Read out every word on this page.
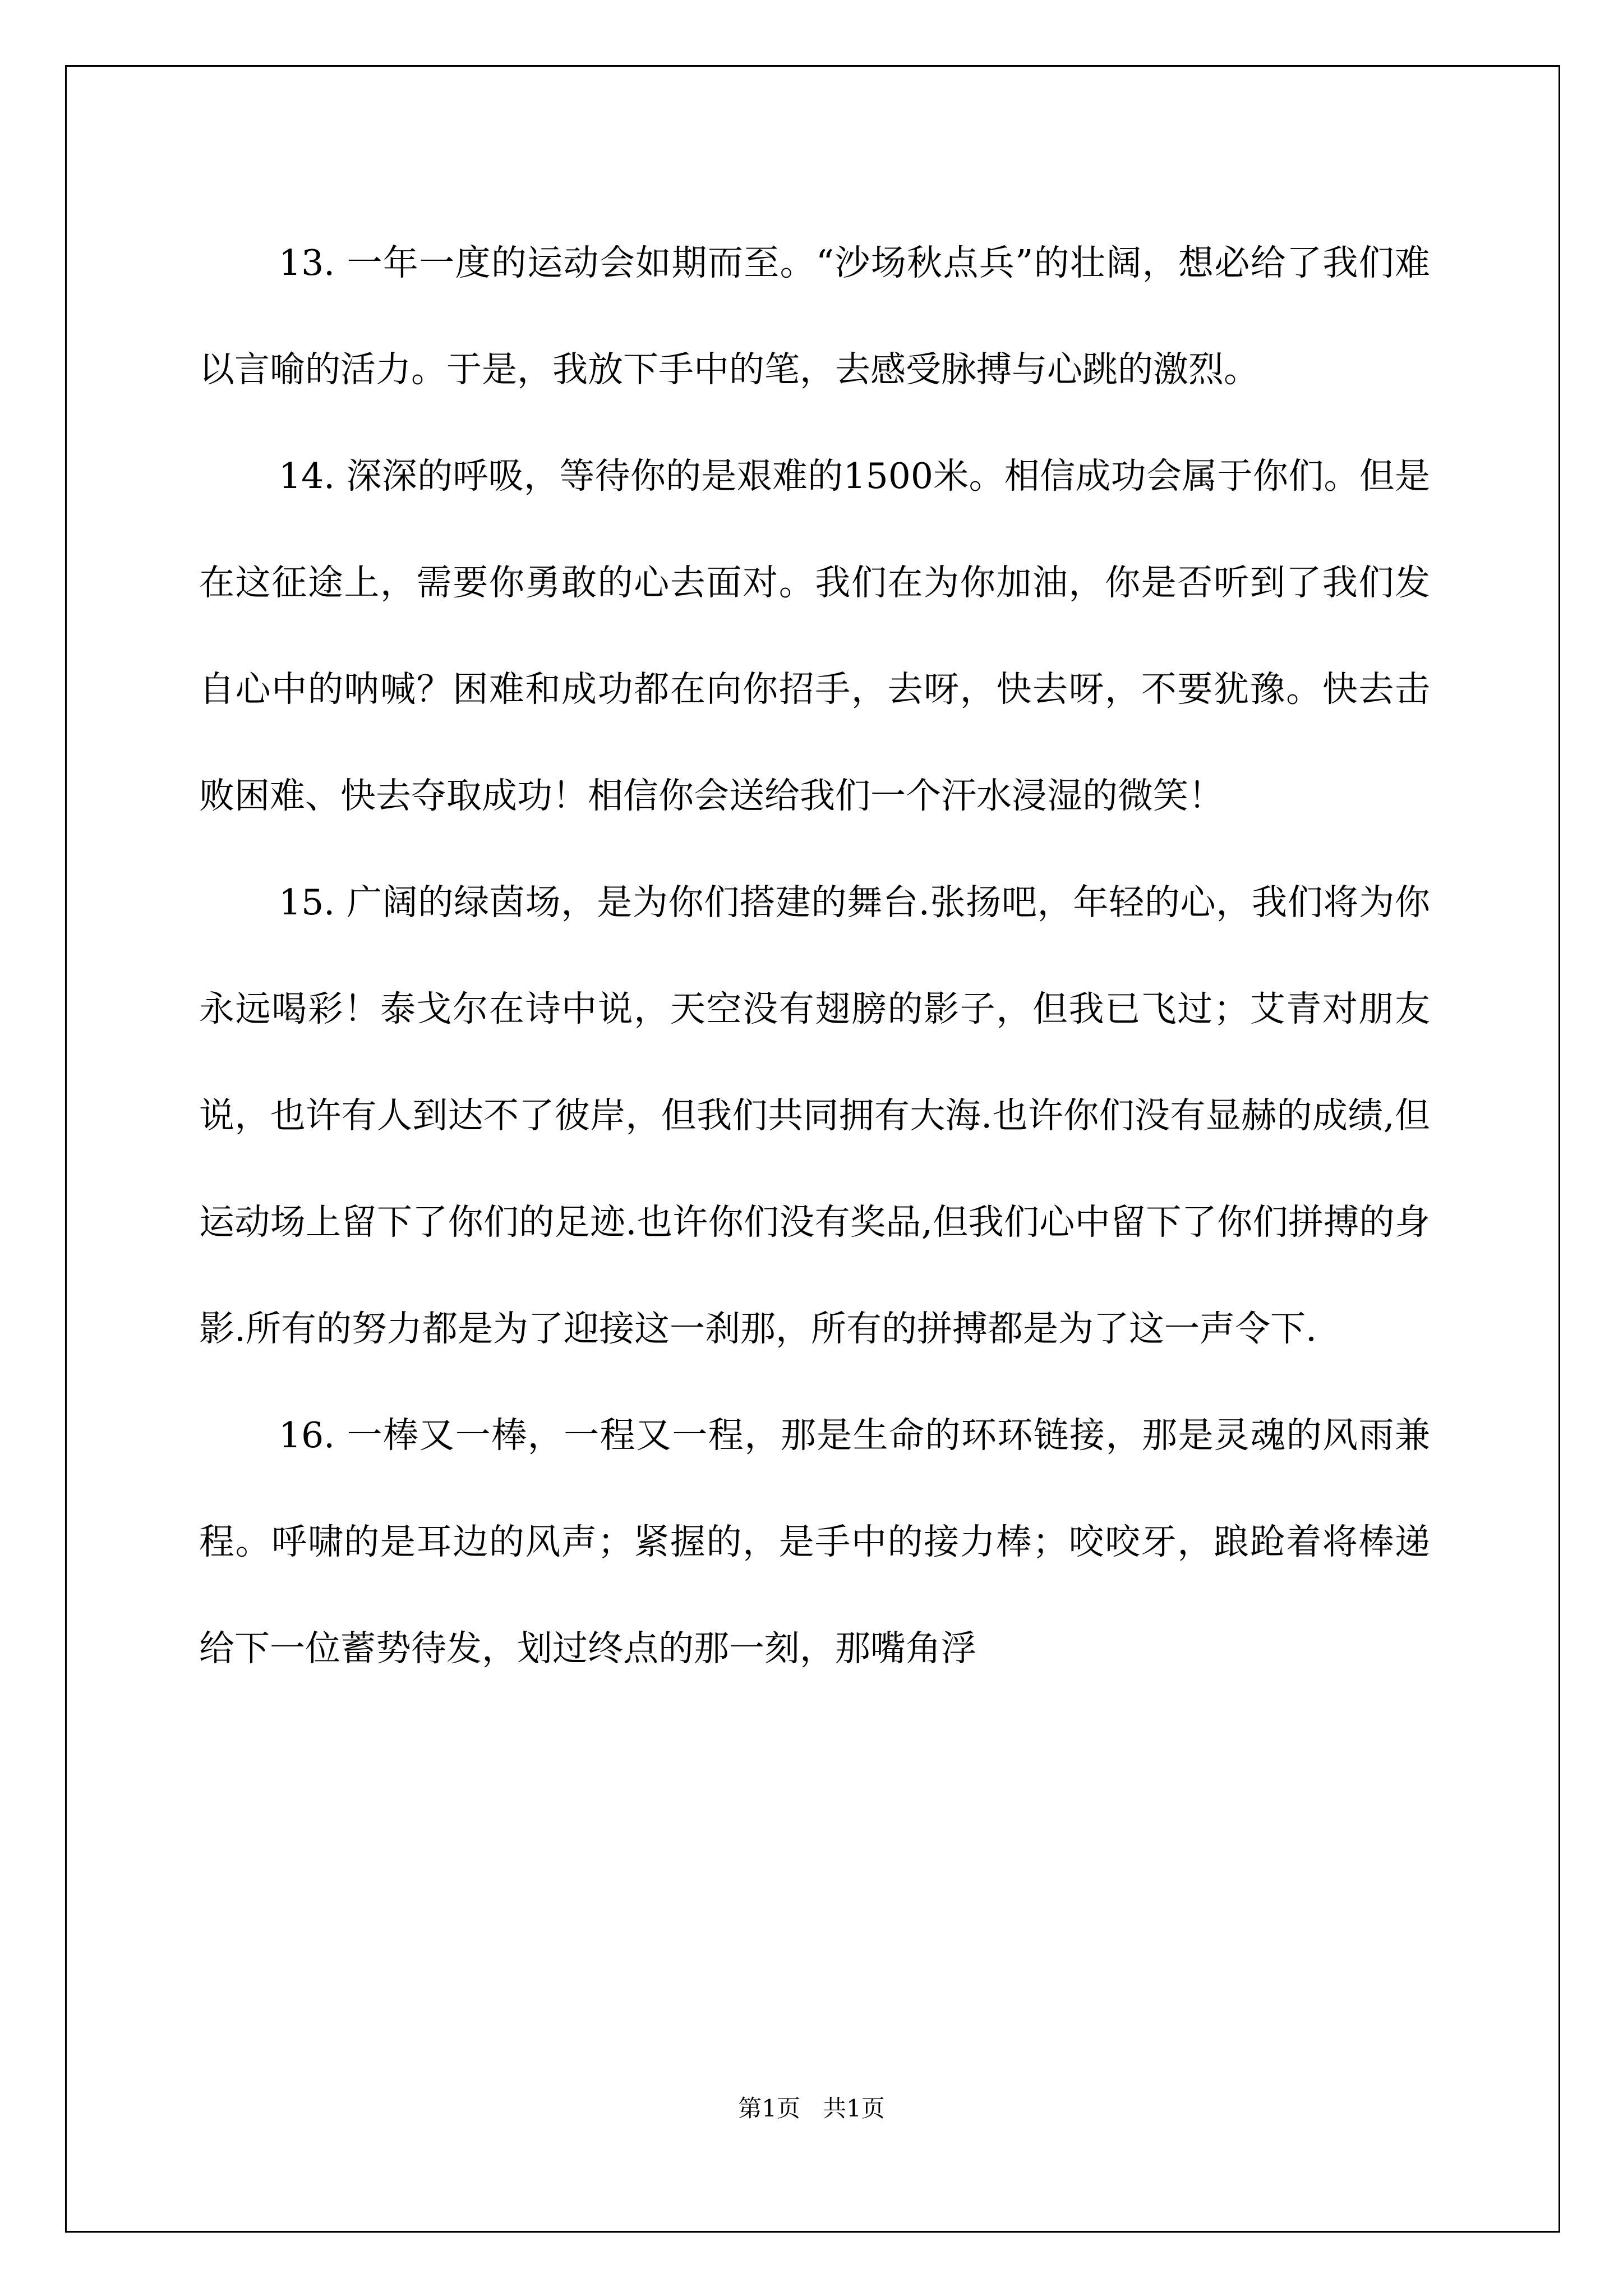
13. 一年一度的运动会如期而至。“沙场秋点兵”的壮阔，想必给了我们难以言喻的活力。于是，我放下手中的笔，去感受脉搏与心跳的激烈。

14. 深深的呼吸，等待你的是艰难的1500米。相信成功会属于你们。但是在这征途上，需要你勇敢的心去面对。我们在为你加油，你是否听到了我们发自心中的呐喊？困难和成功都在向你招手，去呀，快去呀，不要犹豫。快去击败困难、快去夺取成功！相信你会送给我们一个汗水浸湿的微笑！

15. 广阔的绿茵场，是为你们搭建的舞台.张扬吧，年轻的心，我们将为你永远喝彩！泰戈尔在诗中说，天空没有翅膀的影子，但我已飞过；艾青对朋友说，也许有人到达不了彼岸，但我们共同拥有大海.也许你们没有显赫的成绩,但运动场上留下了你们的足迹.也许你们没有奖品,但我们心中留下了你们拼搏的身影.所有的努力都是为了迎接这一刹那，所有的拼搏都是为了这一声令下.

16. 一棒又一棒，一程又一程，那是生命的环环链接，那是灵魂的风雨兼程。呼啸的是耳边的风声；紧握的，是手中的接力棒；咬咬牙，踉跄着将棒递给下一位蓄势待发，划过终点的那一刻，那嘴角浮

第1页   共1页
